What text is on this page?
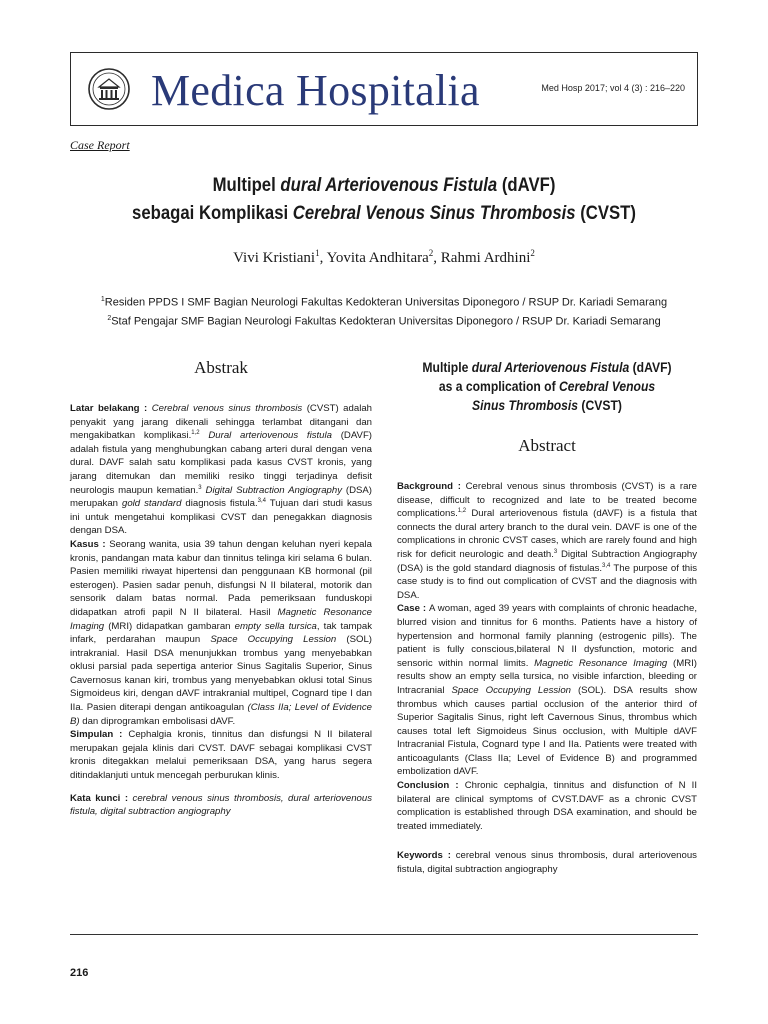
Medica Hospitalia	Med Hosp 2017; vol 4 (3) : 216–220
Case Report
Multipel dural Arteriovenous Fistula (dAVF)
sebagai Komplikasi Cerebral Venous Sinus Thrombosis (CVST)
Vivi Kristiani$^1$, Yovita Andhitara$^2$, Rahmi Ardhini$^2$
$^1$Residen PPDS I SMF Bagian Neurologi Fakultas Kedokteran Universitas Diponegoro / RSUP Dr. Kariadi Semarang
$^2$Staf Pengajar SMF Bagian Neurologi Fakultas Kedokteran Universitas Diponegoro / RSUP Dr. Kariadi Semarang
Abstrak

Latar belakang : Cerebral venous sinus thrombosis (CVST) adalah penyakit yang jarang dikenali sehingga terlambat ditangani dan mengakibatkan komplikasi.$^{1,2}$ Dural arteriovenous fistula (DAVF) adalah fistula yang menghubungkan cabang arteri dural dengan vena dural. DAVF salah satu komplikasi pada kasus CVST kronis, yang jarang ditemukan dan memiliki resiko tinggi terjadinya defisit neurologis maupun kematian.$^3$ Digital Subtraction Angiography (DSA) merupakan gold standard diagnosis fistula.$^{3,4}$ Tujuan dari studi kasus ini untuk mengetahui komplikasi CVST dan penegakkan diagnosis dengan DSA.

Kasus : Seorang wanita, usia 39 tahun dengan keluhan nyeri kepala kronis, pandangan mata kabur dan tinnitus telinga kiri selama 6 bulan. Pasien memiliki riwayat hipertensi dan penggunaan KB hormonal (pil esterogen). Pasien sadar penuh, disfungsi N II bilateral, motorik dan sensorik dalam batas normal. Pada pemeriksaan funduskopi didapatkan atrofi papil N II bilateral. Hasil Magnetic Resonance Imaging (MRI) didapatkan gambaran empty sella tursica, tak tampak infark, perdarahan maupun Space Occupying Lession (SOL) intrakranial. Hasil DSA menunjukkan trombus yang menyebabkan oklusi parsial pada sepertiga anterior Sinus Sagitalis Superior, Sinus Cavernosus kanan kiri, trombus yang menyebabkan oklusi total Sinus Sigmoideus kiri, dengan dAVF intrakranial multipel, Cognard tipe I dan IIa. Pasien diterapi dengan antikoagulan (Class IIa; Level of Evidence B) dan diprogramkan embolisasi dAVF.

Simpulan : Cephalgia kronis, tinnitus dan disfungsi N II bilateral merupakan gejala klinis dari CVST. DAVF sebagai komplikasi CVST kronis ditegakkan melalui pemeriksaan DSA, yang harus segera ditindaklanjuti untuk mencegah perburukan klinis.

Kata kunci : cerebral venous sinus thrombosis, dural arteriovenous fistula, digital subtraction angiography

Multiple dural Arteriovenous Fistula (dAVF)
as a complication of Cerebral Venous
Sinus Thrombosis (CVST)
Abstract

Background : Cerebral venous sinus thrombosis (CVST) is a rare disease, difficult to recognized and late to be treated become complications.$^{1,2}$ Dural arteriovenous fistula (dAVF) is a fistula that connects the dural artery branch to the dural vein. DAVF is one of the complications in chronic CVST cases, which are rarely found and high risk for deficit neurologic and death.$^3$ Digital Subtraction Angiography (DSA) is the gold standard diagnosis of fistulas.$^{3,4}$ The purpose of this case study is to find out complication of CVST and the diagnosis with DSA.

Case : A woman, aged 39 years with complaints of chronic headache, blurred vision and tinnitus for 6 months. Patients have a history of hypertension and hormonal family planning (estrogenic pills). The patient is fully conscious,bilateral N II dysfunction, motoric and sensoric within normal limits. Magnetic Resonance Imaging (MRI) results show an empty sella tursica, no visible infarction, bleeding or Intracranial Space Occupying Lession (SOL). DSA results show thrombus which causes partial occlusion of the anterior third of Superior Sagitalis Sinus, right left Cavernous Sinus, thrombus which causes total left Sigmoideus Sinus occlusion, with Multiple dAVF Intracranial Fistula, Cognard type I and IIa. Patients were treated with anticoagulants (Class IIa; Level of Evidence B) and programmed embolization dAVF.

Conclusion : Chronic cephalgia, tinnitus and disfunction of N II bilateral are clinical symptoms of CVST.DAVF as a chronic CVST complication is established through DSA examination, and should be treated immediately.

Keywords : cerebral venous sinus thrombosis, dural arteriovenous fistula, digital subtraction angiography

216
